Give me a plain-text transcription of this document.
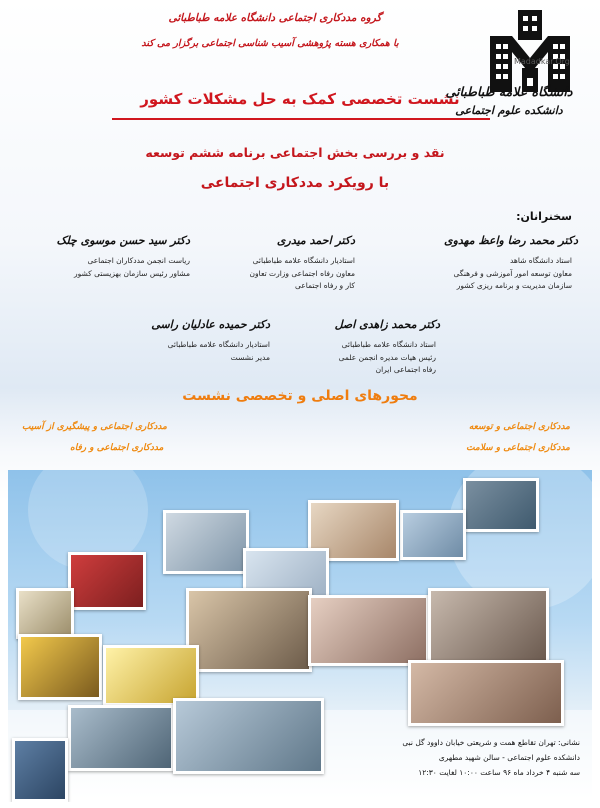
Madadkar.Org
دانشگاه علامه طباطبائی
دانشکده علوم اجتماعی
گروه مددکاری اجتماعی دانشگاه علامه طباطبائی
با همکاری هسته پژوهشی آسیب شناسی اجتماعی برگزار می کند
نشست تخصصی کمک به حل مشکلات کشور
نقد و بررسی بخش اجتماعی برنامه ششم توسعه
با رویکرد مددکاری اجتماعی
سخنرانان:
دکتر محمد رضا واعظ مهدوی
استاد دانشگاه شاهد
معاون توسعه امور آموزشی و فرهنگی
سازمان مدیریت و برنامه ریزی کشور
دکتر احمد میدری
استادیار دانشگاه علامه طباطبائی
معاون رفاه اجتماعی وزارت تعاون
کار و رفاه اجتماعی
دکتر سید حسن موسوی چلک
ریاست انجمن مددکاران اجتماعی
مشاور رئیس سازمان بهزیستی کشور
دکتر محمد زاهدی اصل
استاد دانشگاه علامه طباطبائی
رئیس هیات مدیره انجمن علمی
رفاه اجتماعی ایران
دکتر حمیده عادلیان راسی
استادیار دانشگاه علامه طباطبائی
مدیر نشست
محورهای اصلی و تخصصی نشست
مددکاری اجتماعی و توسعه
مددکاری اجتماعی و پیشگیری از آسیب
مددکاری اجتماعی و سلامت
مددکاری اجتماعی و رفاه
نشانی: تهران تقاطع همت و شریعتی خیابان داوود گل نبی
دانشکده علوم اجتماعی - سالن شهید مطهری
سه شنبه ۴ خرداد ماه ۹۶ ساعت ۱۰:۰۰ لغایت ۱۲:۳۰
